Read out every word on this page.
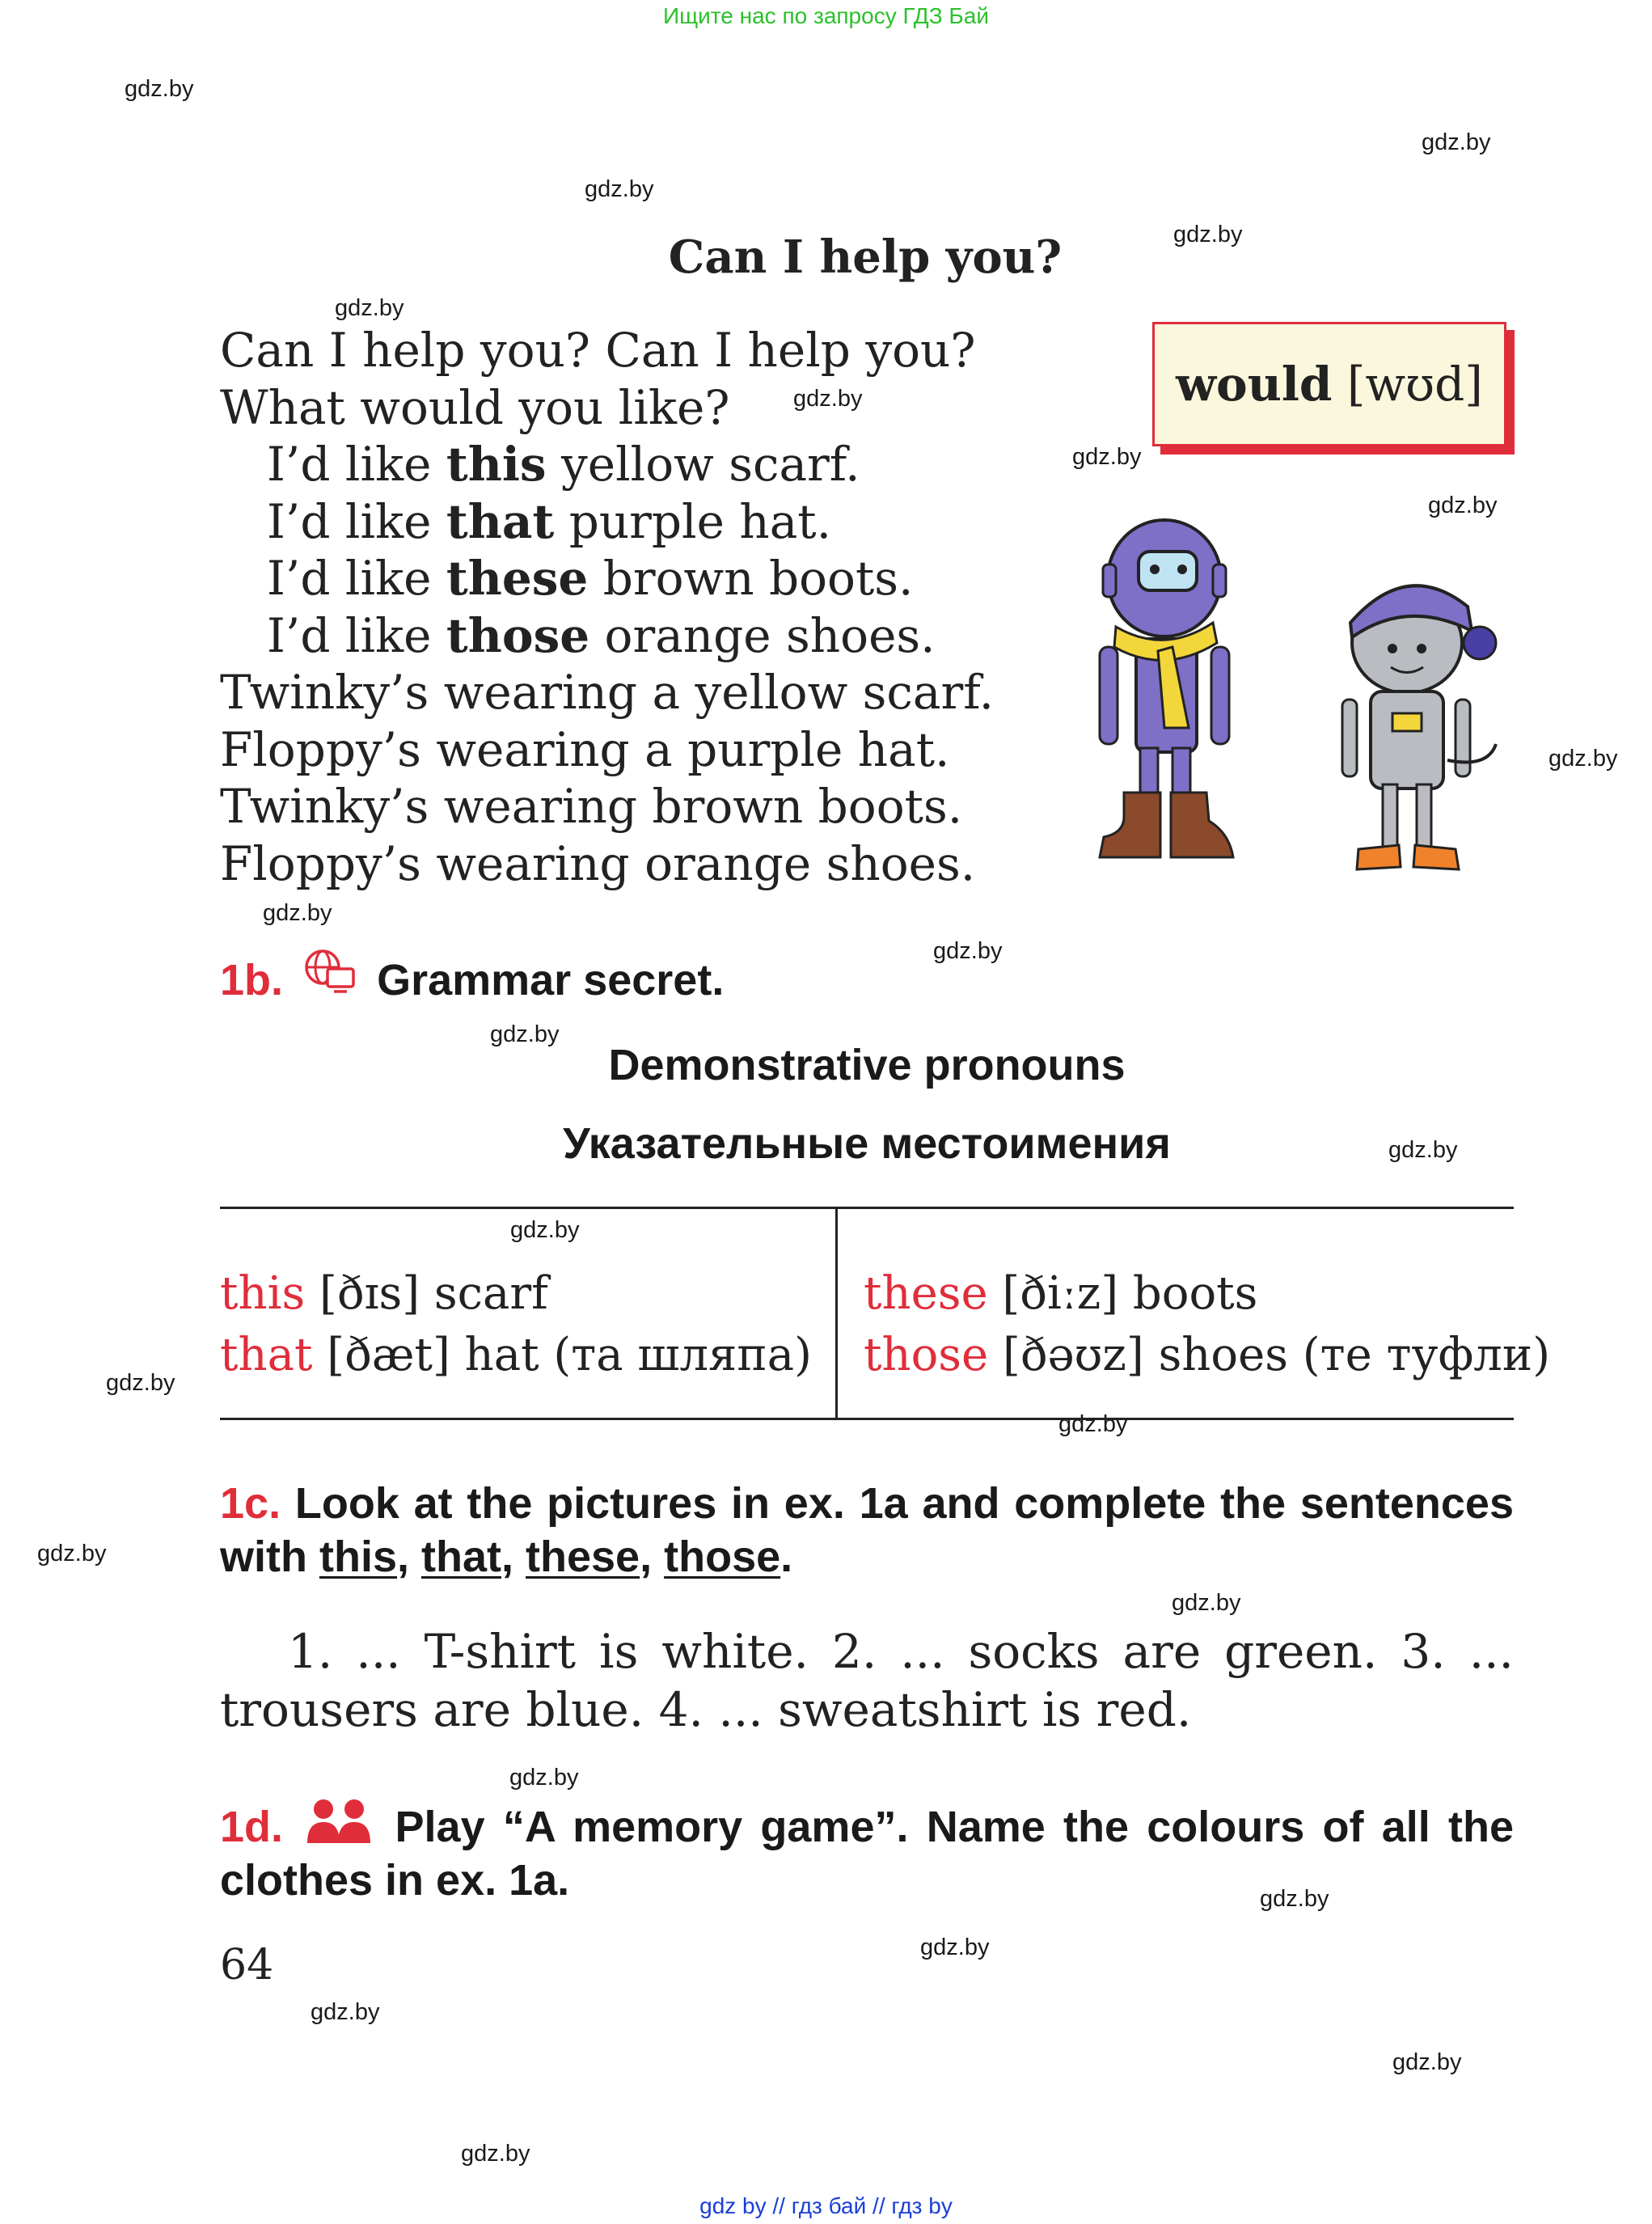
Ищите нас по запросу ГДЗ Бай
gdz.by
gdz.by
gdz.by
gdz.by
gdz.by
gdz.by
gdz.by
gdz.by
gdz.by
gdz.by
gdz.by
gdz.by
gdz.by
gdz.by
gdz.by
gdz.by
gdz.by
gdz.by
gdz.by
gdz.by
gdz.by
gdz.by
gdz.by
gdz.by
Can I help you?
Can I help you? Can I help you?
What would you like?
I’d like this yellow scarf.
I’d like that purple hat.
I’d like these brown boots.
I’d like those orange shoes.
Twinky’s wearing a yellow scarf.
Floppy’s wearing a purple hat.
Twinky’s wearing brown boots.
Floppy’s wearing orange shoes.
would
[wʊd]
1b. Grammar secret.
Demonstrative pronouns
Указательные местоимения
this [ðɪs] scarf
that [ðæt] hat (та шляпа)
these [ðiːz] boots
those [ðəʊz] shoes (те туфли)
1c. Look at the pictures in ex. 1a and complete the sentences with this, that, these, those.
1. ... T-shirt is white. 2. ... socks are green. 3. ... trousers are blue. 4. ... sweatshirt is red.
1d.	Play “A memory game”. Name the colours of all the clothes in ex. 1a.
64
gdz by // гдз бай // гдз by
